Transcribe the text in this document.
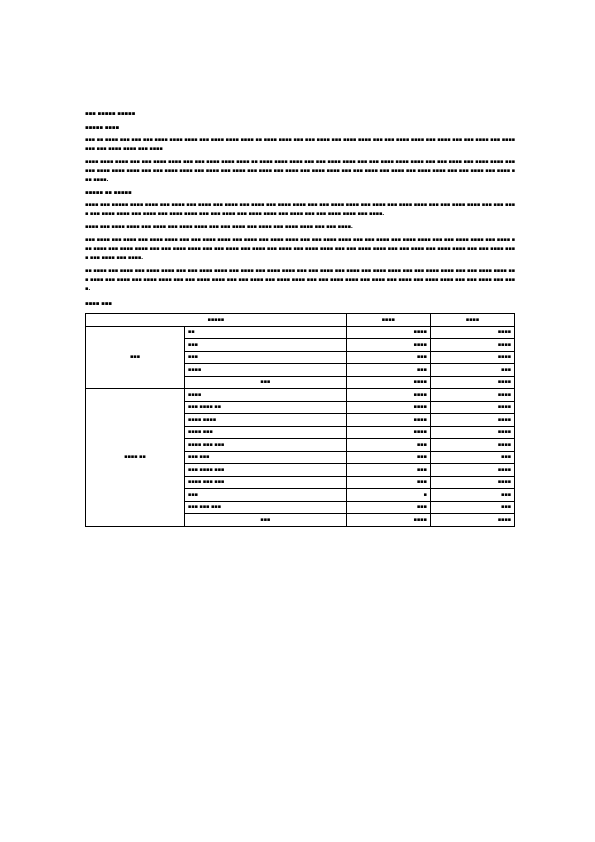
▪▪▪ ▪▪▪▪▪ ▪▪▪▪▪
▪▪▪▪▪ ▪▪▪▪
▪▪▪ ▪▪ ▪▪▪▪ ▪▪▪ ▪▪▪ ▪▪▪ ▪▪▪▪ ▪▪▪▪ ▪▪▪▪ ▪▪▪ ▪▪▪▪ ▪▪▪▪ ▪▪▪▪ ▪▪ ▪▪▪▪ ▪▪▪▪ ▪▪▪ ▪▪▪ ▪▪▪▪ ▪▪▪ ▪▪▪▪ ▪▪▪▪ ▪▪▪ ▪▪▪ ▪▪▪▪ ▪▪▪▪ ▪▪▪ ▪▪▪▪ ▪▪▪ ▪▪▪ ▪▪▪▪ ▪▪▪ ▪▪▪▪ ▪▪▪ ▪▪▪ ▪▪▪▪ ▪▪▪▪ ▪▪▪ ▪▪▪▪
▪▪▪▪ ▪▪▪▪ ▪▪▪▪ ▪▪▪ ▪▪▪ ▪▪▪▪ ▪▪▪▪ ▪▪▪ ▪▪▪ ▪▪▪▪ ▪▪▪▪ ▪▪▪▪ ▪▪ ▪▪▪▪ ▪▪▪▪ ▪▪▪▪ ▪▪▪ ▪▪▪ ▪▪▪▪ ▪▪▪▪ ▪▪▪ ▪▪▪ ▪▪▪▪ ▪▪▪▪ ▪▪▪▪ ▪▪▪ ▪▪▪ ▪▪▪▪ ▪▪▪ ▪▪▪▪ ▪▪▪▪ ▪▪▪ ▪▪▪ ▪▪▪▪ ▪▪▪▪ ▪▪▪▪ ▪▪▪ ▪▪▪ ▪▪▪▪ ▪▪▪▪ ▪▪▪ ▪▪▪▪ ▪▪▪ ▪▪▪▪ ▪▪▪ ▪▪▪▪ ▪▪▪ ▪▪▪▪ ▪▪▪ ▪▪▪▪ ▪▪▪▪ ▪▪▪ ▪▪▪ ▪▪▪▪ ▪▪▪ ▪▪▪▪ ▪▪▪ ▪▪▪▪ ▪▪▪▪ ▪▪▪ ▪▪▪ ▪▪▪▪ ▪▪▪ ▪▪▪▪ ▪▪▪ ▪▪▪▪.
▪▪▪▪▪ ▪▪ ▪▪▪▪▪
▪▪▪▪ ▪▪▪ ▪▪▪▪▪ ▪▪▪▪ ▪▪▪▪ ▪▪▪ ▪▪▪▪ ▪▪▪ ▪▪▪▪ ▪▪▪ ▪▪▪▪ ▪▪▪ ▪▪▪▪ ▪▪▪ ▪▪▪▪ ▪▪▪▪ ▪▪▪ ▪▪▪ ▪▪▪▪ ▪▪▪▪ ▪▪▪ ▪▪▪▪ ▪▪▪ ▪▪▪▪ ▪▪▪▪ ▪▪▪ ▪▪▪ ▪▪▪▪ ▪▪▪▪ ▪▪▪ ▪▪▪ ▪▪▪▪ ▪▪▪ ▪▪▪▪ ▪▪▪▪ ▪▪▪ ▪▪▪▪ ▪▪▪ ▪▪▪▪ ▪▪▪▪ ▪▪▪ ▪▪▪ ▪▪▪▪ ▪▪▪ ▪▪▪▪ ▪▪▪▪ ▪▪▪ ▪▪▪▪ ▪▪▪ ▪▪▪ ▪▪▪▪ ▪▪▪▪ ▪▪▪ ▪▪▪▪.
▪▪▪▪ ▪▪▪ ▪▪▪▪ ▪▪▪▪ ▪▪▪ ▪▪▪▪ ▪▪▪ ▪▪▪▪ ▪▪▪▪ ▪▪▪ ▪▪▪ ▪▪▪▪ ▪▪▪ ▪▪▪▪ ▪▪▪ ▪▪▪▪ ▪▪▪▪ ▪▪▪ ▪▪▪ ▪▪▪▪.
▪▪▪ ▪▪▪▪ ▪▪▪ ▪▪▪▪ ▪▪▪ ▪▪▪▪ ▪▪▪▪ ▪▪▪ ▪▪▪ ▪▪▪▪ ▪▪▪▪ ▪▪▪ ▪▪▪▪ ▪▪▪ ▪▪▪▪ ▪▪▪▪ ▪▪▪ ▪▪▪ ▪▪▪▪ ▪▪▪▪ ▪▪▪ ▪▪▪ ▪▪▪▪ ▪▪▪ ▪▪▪▪ ▪▪▪▪ ▪▪▪ ▪▪▪ ▪▪▪▪ ▪▪▪▪ ▪▪▪ ▪▪▪▪ ▪▪▪ ▪▪▪▪ ▪▪▪ ▪▪▪▪ ▪▪▪▪ ▪▪▪ ▪▪▪ ▪▪▪▪ ▪▪▪▪ ▪▪▪ ▪▪▪ ▪▪▪▪ ▪▪▪ ▪▪▪▪ ▪▪▪ ▪▪▪▪ ▪▪▪ ▪▪▪▪ ▪▪▪▪ ▪▪▪ ▪▪▪ ▪▪▪▪ ▪▪▪▪ ▪▪▪ ▪▪▪ ▪▪▪▪ ▪▪▪ ▪▪▪▪ ▪▪▪▪ ▪▪▪ ▪▪▪ ▪▪▪▪ ▪▪▪▪ ▪▪▪ ▪▪▪▪ ▪▪▪ ▪▪▪▪.
▪▪ ▪▪▪▪ ▪▪▪ ▪▪▪▪ ▪▪▪ ▪▪▪▪ ▪▪▪▪ ▪▪▪ ▪▪▪ ▪▪▪▪ ▪▪▪▪ ▪▪▪ ▪▪▪▪ ▪▪▪ ▪▪▪▪ ▪▪▪▪ ▪▪▪ ▪▪▪ ▪▪▪▪ ▪▪▪ ▪▪▪▪ ▪▪▪ ▪▪▪▪ ▪▪▪▪ ▪▪▪ ▪▪▪ ▪▪▪▪ ▪▪▪▪ ▪▪▪ ▪▪▪ ▪▪▪▪ ▪▪▪▪ ▪▪▪ ▪▪▪▪ ▪▪▪ ▪▪▪▪ ▪▪▪ ▪▪▪▪ ▪▪▪▪ ▪▪▪ ▪▪▪ ▪▪▪▪ ▪▪▪▪ ▪▪▪ ▪▪▪ ▪▪▪▪ ▪▪▪ ▪▪▪▪ ▪▪▪▪ ▪▪▪ ▪▪▪ ▪▪▪▪ ▪▪▪▪ ▪▪▪ ▪▪▪▪ ▪▪▪ ▪▪▪▪ ▪▪▪ ▪▪▪▪ ▪▪▪▪ ▪▪▪ ▪▪▪ ▪▪▪▪ ▪▪▪ ▪▪▪▪.
▪▪▪▪ ▪▪▪
▪▪▪▪▪		▪▪▪▪	▪▪▪▪
▪▪▪	▪▪	▪▪▪▪	▪▪▪▪
	▪▪▪	▪▪▪▪	▪▪▪▪
	▪▪▪	▪▪▪	▪▪▪▪
	▪▪▪▪	▪▪▪	▪▪▪
	▪▪▪	▪▪▪▪	▪▪▪▪
▪▪▪▪ ▪▪	▪▪▪▪	▪▪▪▪	▪▪▪▪
	▪▪▪ ▪▪▪▪ ▪▪	▪▪▪▪	▪▪▪▪
	▪▪▪▪ ▪▪▪▪	▪▪▪▪	▪▪▪▪
	▪▪▪▪ ▪▪▪	▪▪▪▪	▪▪▪▪
	▪▪▪▪ ▪▪▪ ▪▪▪	▪▪▪	▪▪▪▪
	▪▪▪ ▪▪▪	▪▪▪	▪▪▪
	▪▪▪ ▪▪▪▪ ▪▪▪	▪▪▪	▪▪▪▪
	▪▪▪▪ ▪▪▪ ▪▪▪	▪▪▪	▪▪▪▪
	▪▪▪	▪	▪▪▪
	▪▪▪ ▪▪▪ ▪▪▪	▪▪▪	▪▪▪
	▪▪▪	▪▪▪▪	▪▪▪▪
